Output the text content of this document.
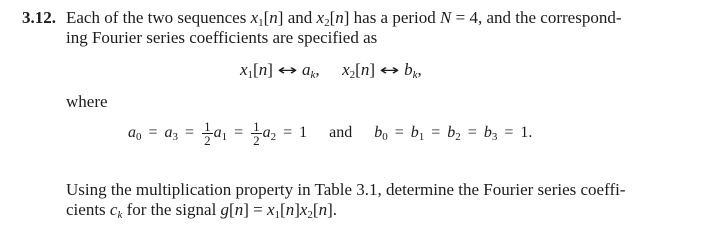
3.12. Each of the two sequences $x_1[n]$ and $x_2[n]$ has a period N = 4, and the correspond-
ing Fourier series coefficients are specified as
$x_1[n]$ ↔ $a_k$, $x_2[n]$ ↔ $b_k$,
where
$a_0 = a_3 = \frac{1}{2} a_1 = \frac{1}{2} a_2 = 1$ and $b_0 = b_1 = b_2 = b_3 = 1$.
Using the multiplication property in Table 3.1, determine the Fourier series coeffi-
cients $c_k$ for the signal $g[n] = x_1[n]x_2[n]$.
